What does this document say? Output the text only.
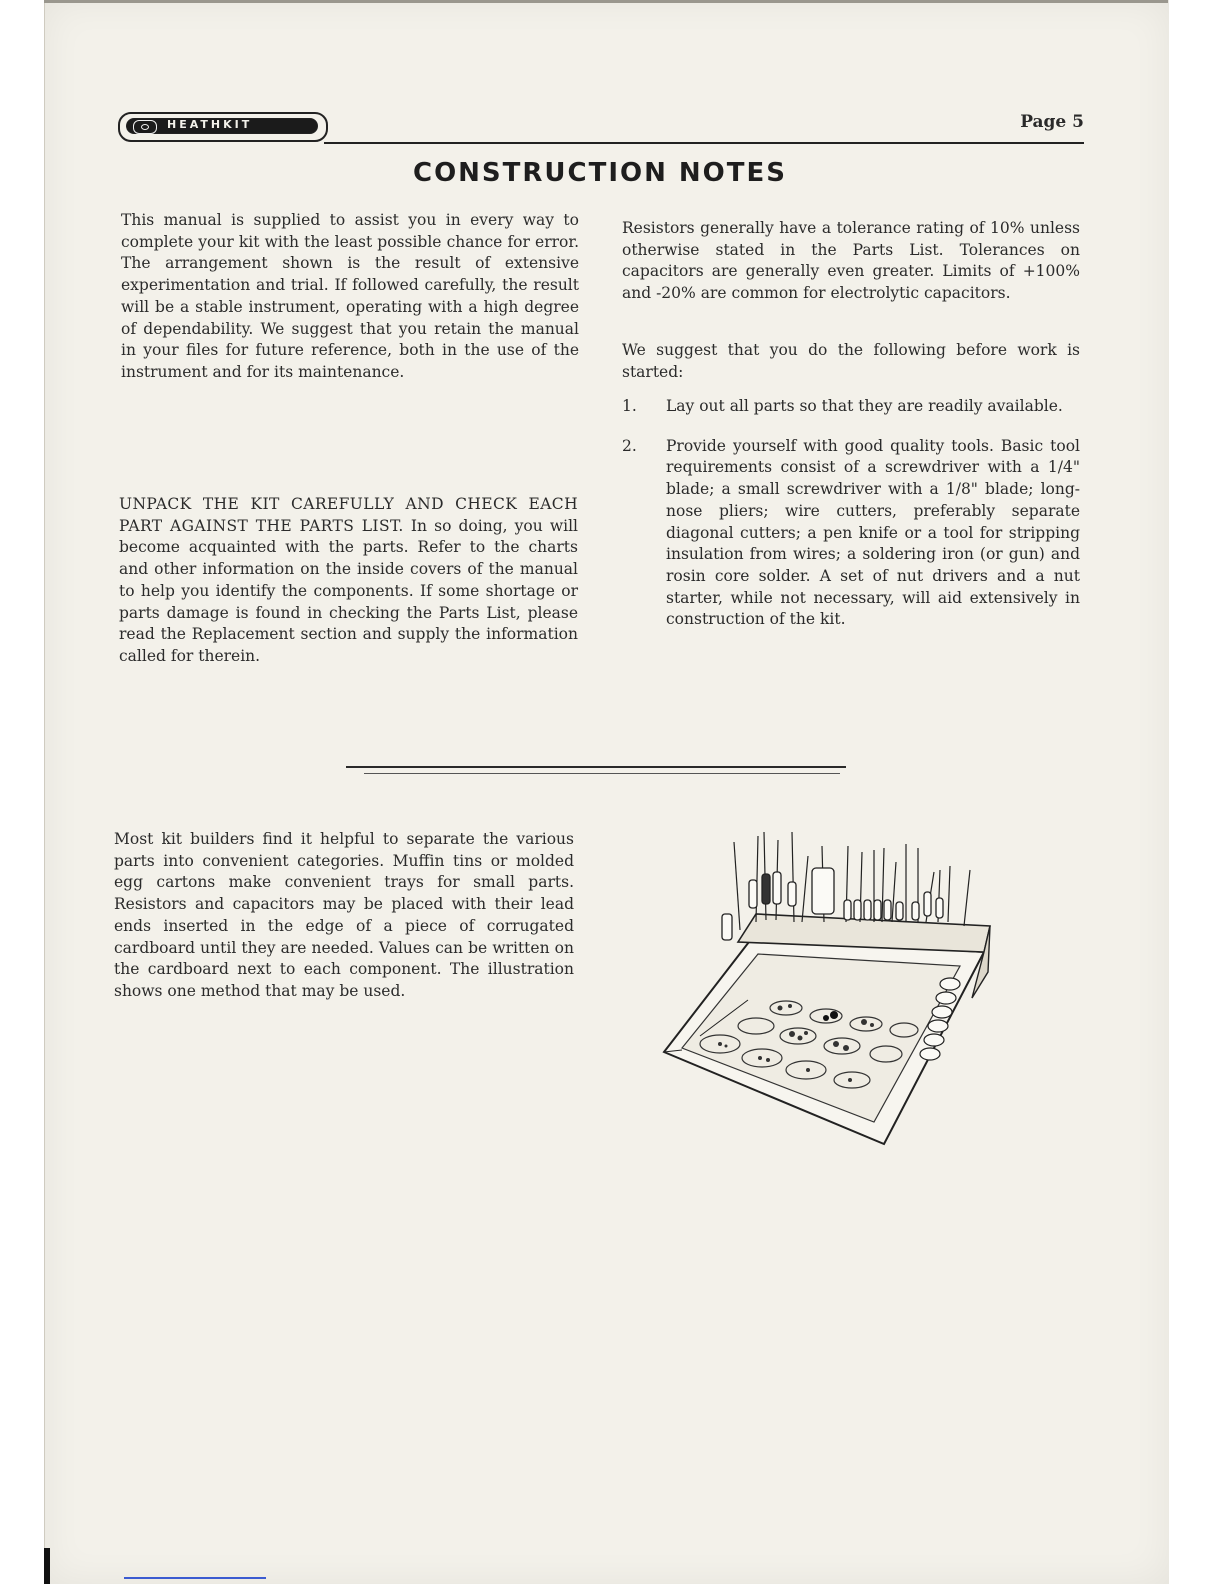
HEATHKIT	Page 5
CONSTRUCTION NOTES

This manual is supplied to assist you in every way to complete your kit with the least possible chance for error. The arrangement shown is the result of extensive experimentation and trial. If followed carefully, the result will be a stable instrument, operating with a high degree of dependability. We suggest that you retain the manual in your files for future reference, both in the use of the instrument and for its maintenance.

UNPACK THE KIT CAREFULLY AND CHECK EACH PART AGAINST THE PARTS LIST. In so doing, you will become acquainted with the parts. Refer to the charts and other information on the inside covers of the manual to help you identify the components. If some shortage or parts damage is found in checking the Parts List, please read the Replacement section and supply the information called for therein.

Resistors generally have a tolerance rating of 10% unless otherwise stated in the Parts List. Tolerances on capacitors are generally even greater. Limits of +100% and -20% are common for electrolytic capacitors.

We suggest that you do the following before work is started:

1.	Lay out all parts so that they are readily available.
2.	Provide yourself with good quality tools. Basic tool requirements consist of a screwdriver with a 1/4" blade; a small screwdriver with a 1/8" blade; long-nose pliers; wire cutters, preferably separate diagonal cutters; a pen knife or a tool for stripping insulation from wires; a soldering iron (or gun) and rosin core solder. A set of nut drivers and a nut starter, while not necessary, will aid extensively in construction of the kit.

Most kit builders find it helpful to separate the various parts into convenient categories. Muffin tins or molded egg cartons make convenient trays for small parts. Resistors and capacitors may be placed with their lead ends inserted in the edge of a piece of corrugated cardboard until they are needed. Values can be written on the cardboard next to each component. The illustration shows one method that may be used.
